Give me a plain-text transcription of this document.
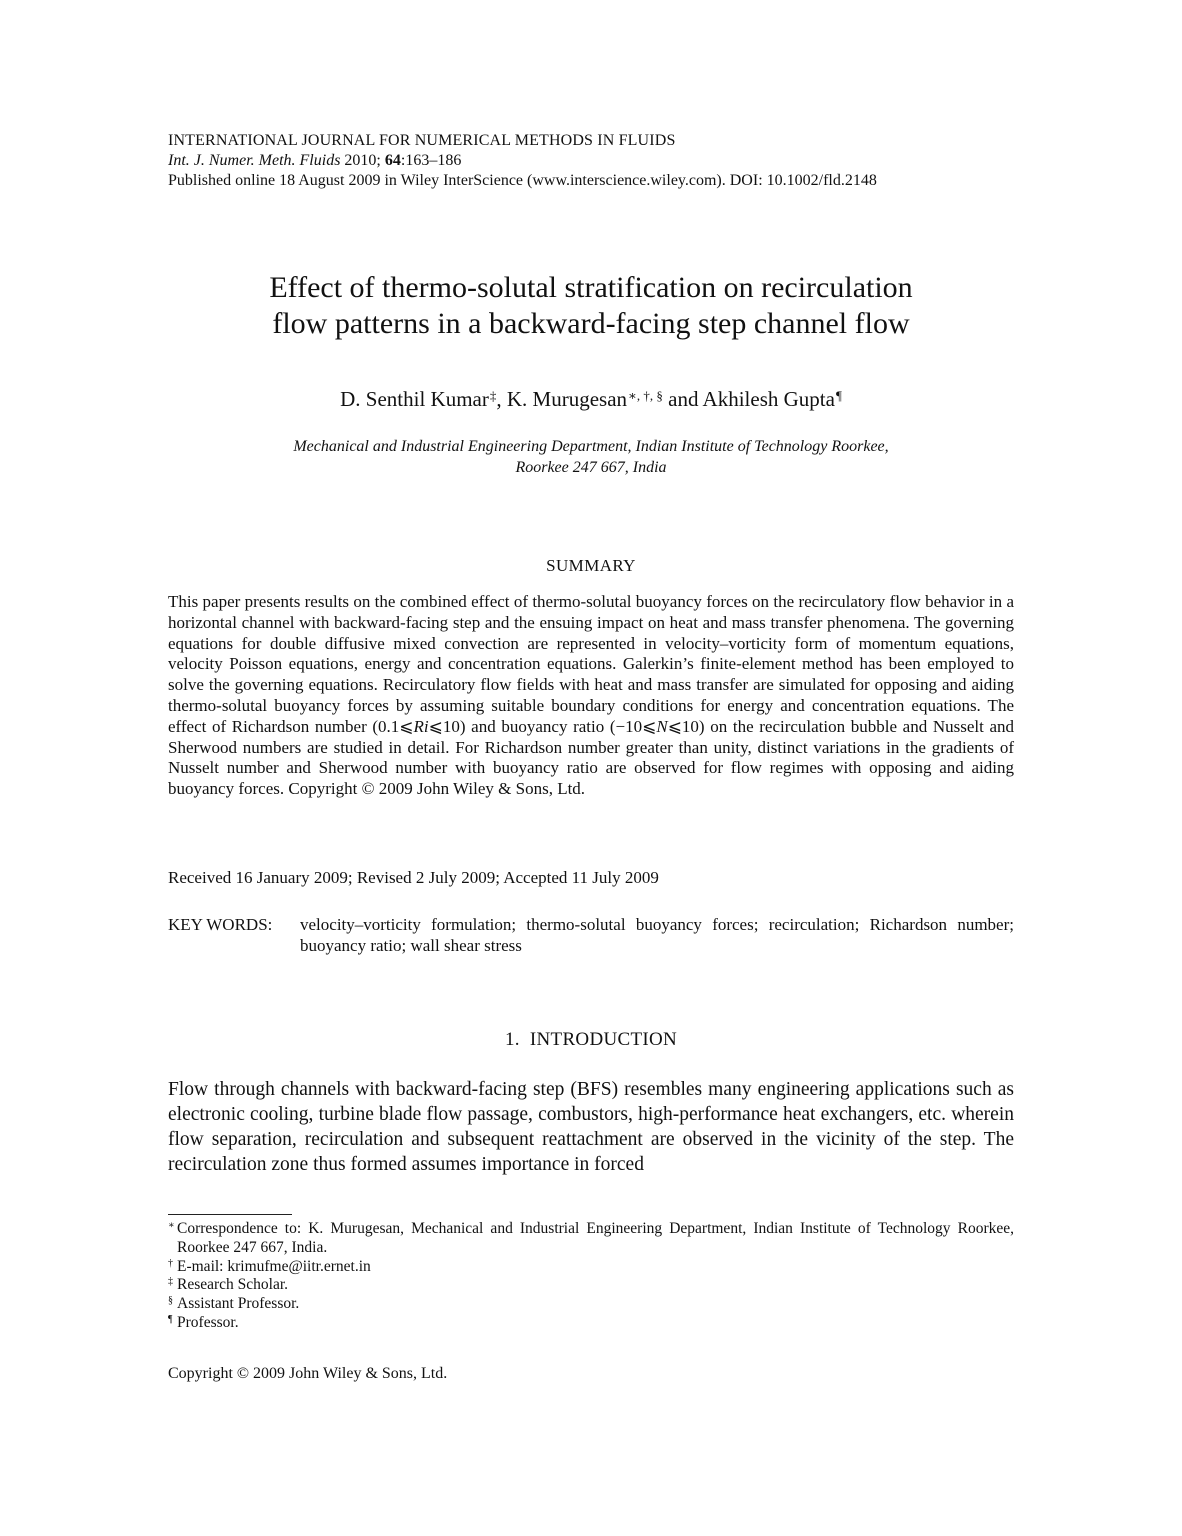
INTERNATIONAL JOURNAL FOR NUMERICAL METHODS IN FLUIDS
Int. J. Numer. Meth. Fluids 2010; 64:163–186
Published online 18 August 2009 in Wiley InterScience (www.interscience.wiley.com). DOI: 10.1002/fld.2148
Effect of thermo-solutal stratification on recirculation
flow patterns in a backward-facing step channel flow
D. Senthil Kumar‡, K. Murugesan∗, †, § and Akhilesh Gupta¶
Mechanical and Industrial Engineering Department, Indian Institute of Technology Roorkee,
Roorkee 247 667, India
SUMMARY
This paper presents results on the combined effect of thermo-solutal buoyancy forces on the recirculatory flow behavior in a horizontal channel with backward-facing step and the ensuing impact on heat and mass transfer phenomena. The governing equations for double diffusive mixed convection are represented in velocity–vorticity form of momentum equations, velocity Poisson equations, energy and concentration equations. Galerkin’s finite-element method has been employed to solve the governing equations. Recirculatory flow fields with heat and mass transfer are simulated for opposing and aiding thermo-solutal buoyancy forces by assuming suitable boundary conditions for energy and concentration equations. The effect of Richardson number (0.1⩽Ri⩽10) and buoyancy ratio (−10⩽N⩽10) on the recirculation bubble and Nusselt and Sherwood numbers are studied in detail. For Richardson number greater than unity, distinct variations in the gradients of Nusselt number and Sherwood number with buoyancy ratio are observed for flow regimes with opposing and aiding buoyancy forces. Copyright © 2009 John Wiley & Sons, Ltd.
Received 16 January 2009; Revised 2 July 2009; Accepted 11 July 2009
KEY WORDS: velocity–vorticity formulation; thermo-solutal buoyancy forces; recirculation; Richardson number; buoyancy ratio; wall shear stress
1.  INTRODUCTION
Flow through channels with backward-facing step (BFS) resembles many engineering applications such as electronic cooling, turbine blade flow passage, combustors, high-performance heat exchangers, etc. wherein flow separation, recirculation and subsequent reattachment are observed in the vicinity of the step. The recirculation zone thus formed assumes importance in forced
∗ Correspondence to: K. Murugesan, Mechanical and Industrial Engineering Department, Indian Institute of Technology Roorkee, Roorkee 247 667, India.
† E-mail: krimufme@iitr.ernet.in
‡ Research Scholar.
§ Assistant Professor.
¶ Professor.
Copyright © 2009 John Wiley & Sons, Ltd.
